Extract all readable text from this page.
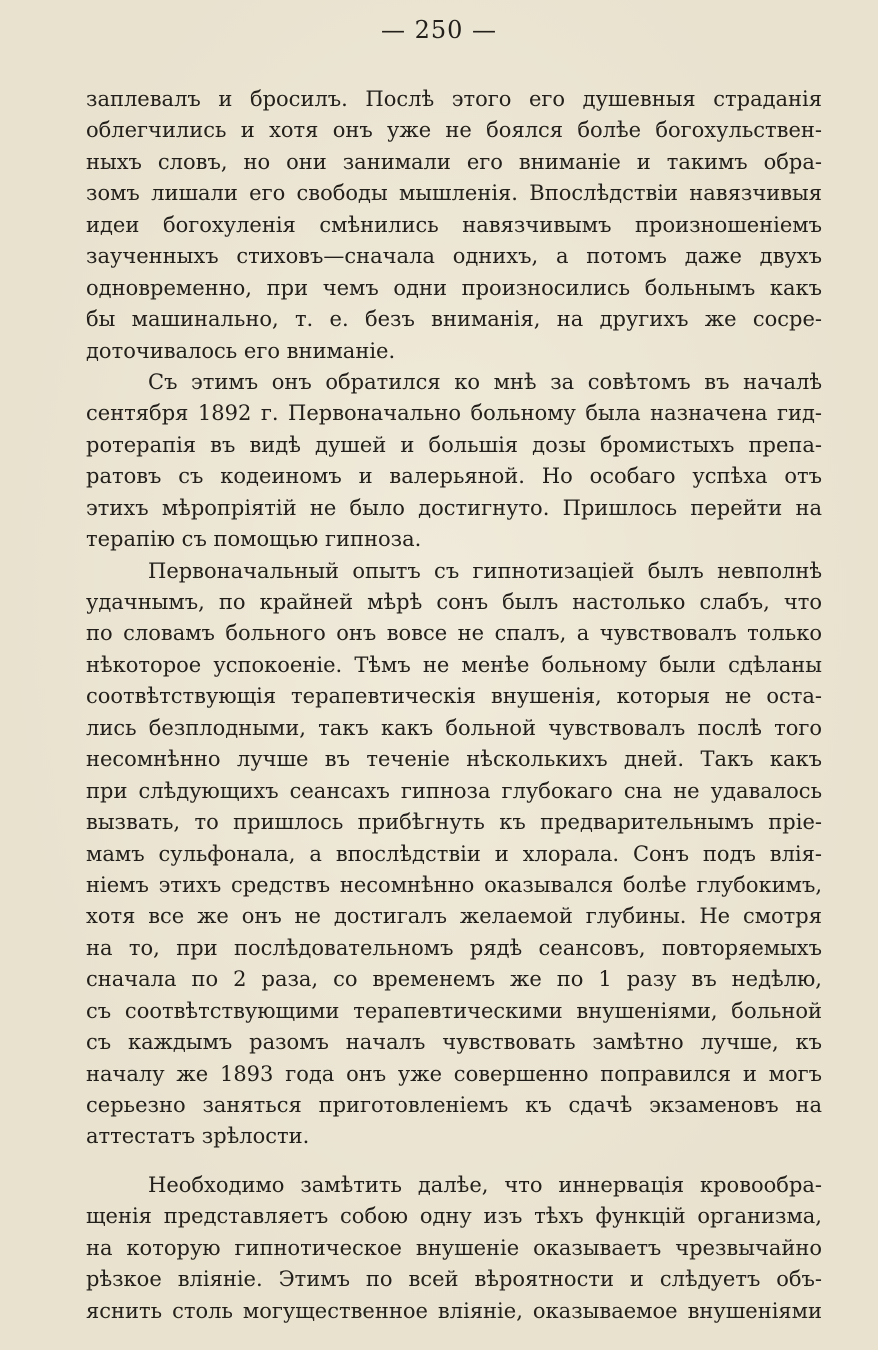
— 250 —
заплевалъ и бросилъ. Послѣ этого его душевныя страданія
облегчились и хотя онъ уже не боялся болѣе богохульствен-
ныхъ словъ, но они занимали его вниманіе и такимъ обра-
зомъ лишали его свободы мышленія. Впослѣдствіи навязчивыя
идеи богохуленія смѣнились навязчивымъ произношеніемъ
заученныхъ стиховъ—сначала однихъ, а потомъ даже двухъ
одновременно, при чемъ одни произносились больнымъ какъ
бы машинально, т. е. безъ вниманія, на другихъ же сосре-
доточивалось его вниманіе.
Съ этимъ онъ обратился ко мнѣ за совѣтомъ въ началѣ
сентября 1892 г. Первоначально больному была назначена гид-
ротерапія въ видѣ душей и большія дозы бромистыхъ препа-
ратовъ съ кодеиномъ и валерьяной. Но особаго успѣха отъ
этихъ мѣропріятій не было достигнуто. Пришлось перейти на
терапію съ помощью гипноза.
Первоначальный опытъ съ гипнотизаціей былъ невполнѣ
удачнымъ, по крайней мѣрѣ сонъ былъ настолько слабъ, что
по словамъ больного онъ вовсе не спалъ, а чувствовалъ только
нѣкоторое успокоеніе. Тѣмъ не менѣе больному были сдѣланы
соотвѣтствующія терапевтическія внушенія, которыя не оста-
лись безплодными, такъ какъ больной чувствовалъ послѣ того
несомнѣнно лучше въ теченіе нѣсколькихъ дней. Такъ какъ
при слѣдующихъ сеансахъ гипноза глубокаго сна не удавалось
вызвать, то пришлось прибѣгнуть къ предварительнымъ пріе-
мамъ сульфонала, а впослѣдствіи и хлорала. Сонъ подъ влія-
ніемъ этихъ средствъ несомнѣнно оказывался болѣе глубокимъ,
хотя все же онъ не достигалъ желаемой глубины. Не смотря
на то, при послѣдовательномъ рядѣ сеансовъ, повторяемыхъ
сначала по 2 раза, со временемъ же по 1 разу въ недѣлю,
съ соотвѣтствующими терапевтическими внушеніями, больной
съ каждымъ разомъ началъ чувствовать замѣтно лучше, къ
началу же 1893 года онъ уже совершенно поправился и могъ
серьезно заняться приготовленіемъ къ сдачѣ экзаменовъ на
аттестатъ зрѣлости.
Необходимо замѣтить далѣе, что иннервація кровообра-
щенія представляетъ собою одну изъ тѣхъ функцій организма,
на которую гипнотическое внушеніе оказываетъ чрезвычайно
рѣзкое вліяніе. Этимъ по всей вѣроятности и слѣдуетъ объ-
яснить столь могущественное вліяніе, оказываемое внушеніями
